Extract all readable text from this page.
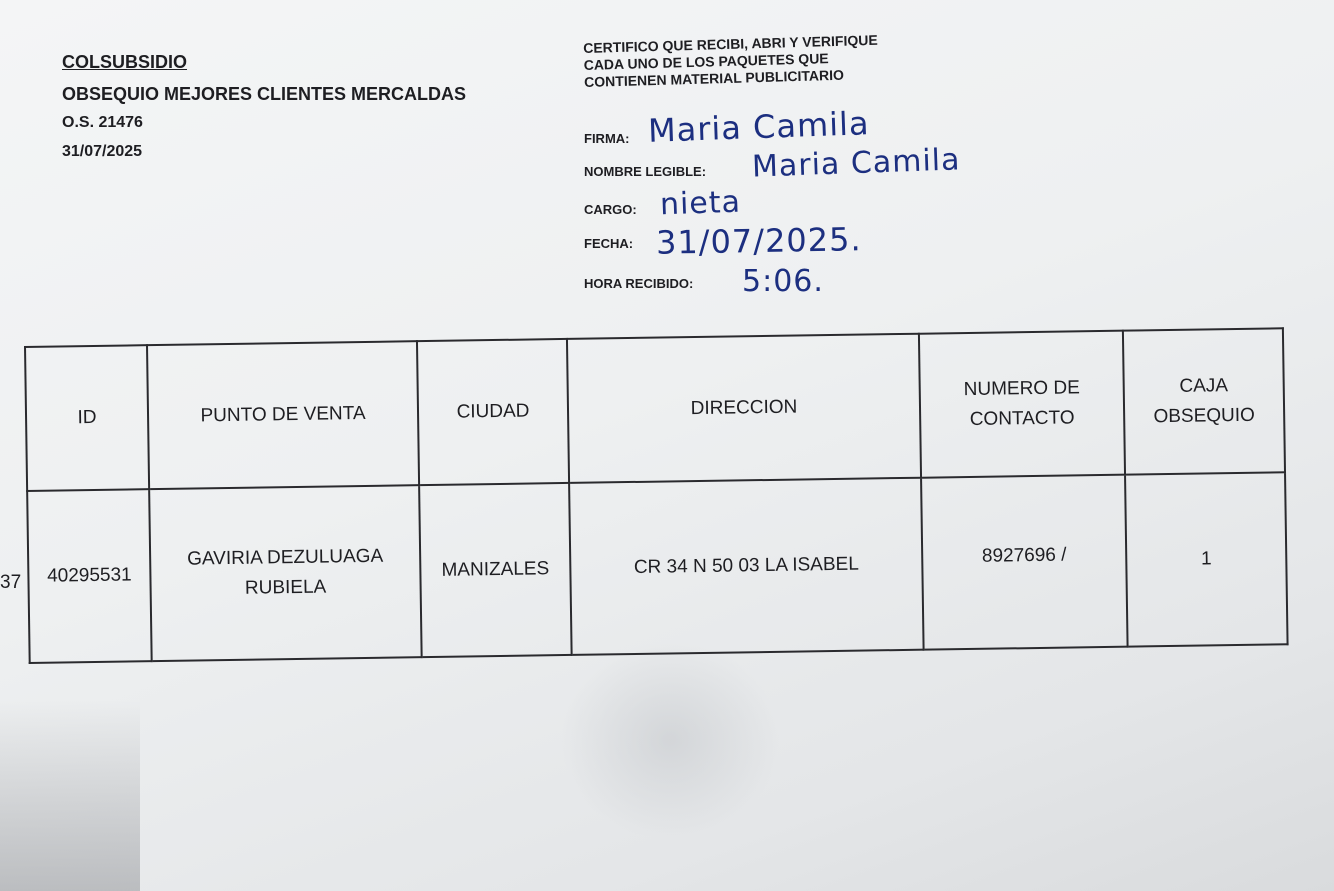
COLSUBSIDIO
OBSEQUIO MEJORES CLIENTES MERCALDAS
O.S. 21476
31/07/2025
CERTIFICO QUE RECIBI, ABRI Y VERIFIQUE
CADA UNO DE LOS PAQUETES QUE
CONTIENEN MATERIAL PUBLICITARIO
FIRMA: Maria Camila
NOMBRE LEGIBLE: Maria Camila
CARGO: nieta
FECHA: 31/07/2025.
HORA RECIBIDO: 5:06.
37
ID	PUNTO DE VENTA	CIUDAD	DIRECCION	NUMERO DE CONTACTO	CAJA OBSEQUIO
40295531	GAVIRIA DEZULUAGA RUBIELA	MANIZALES	CR 34 N 50 03 LA ISABEL	8927696 /	1
